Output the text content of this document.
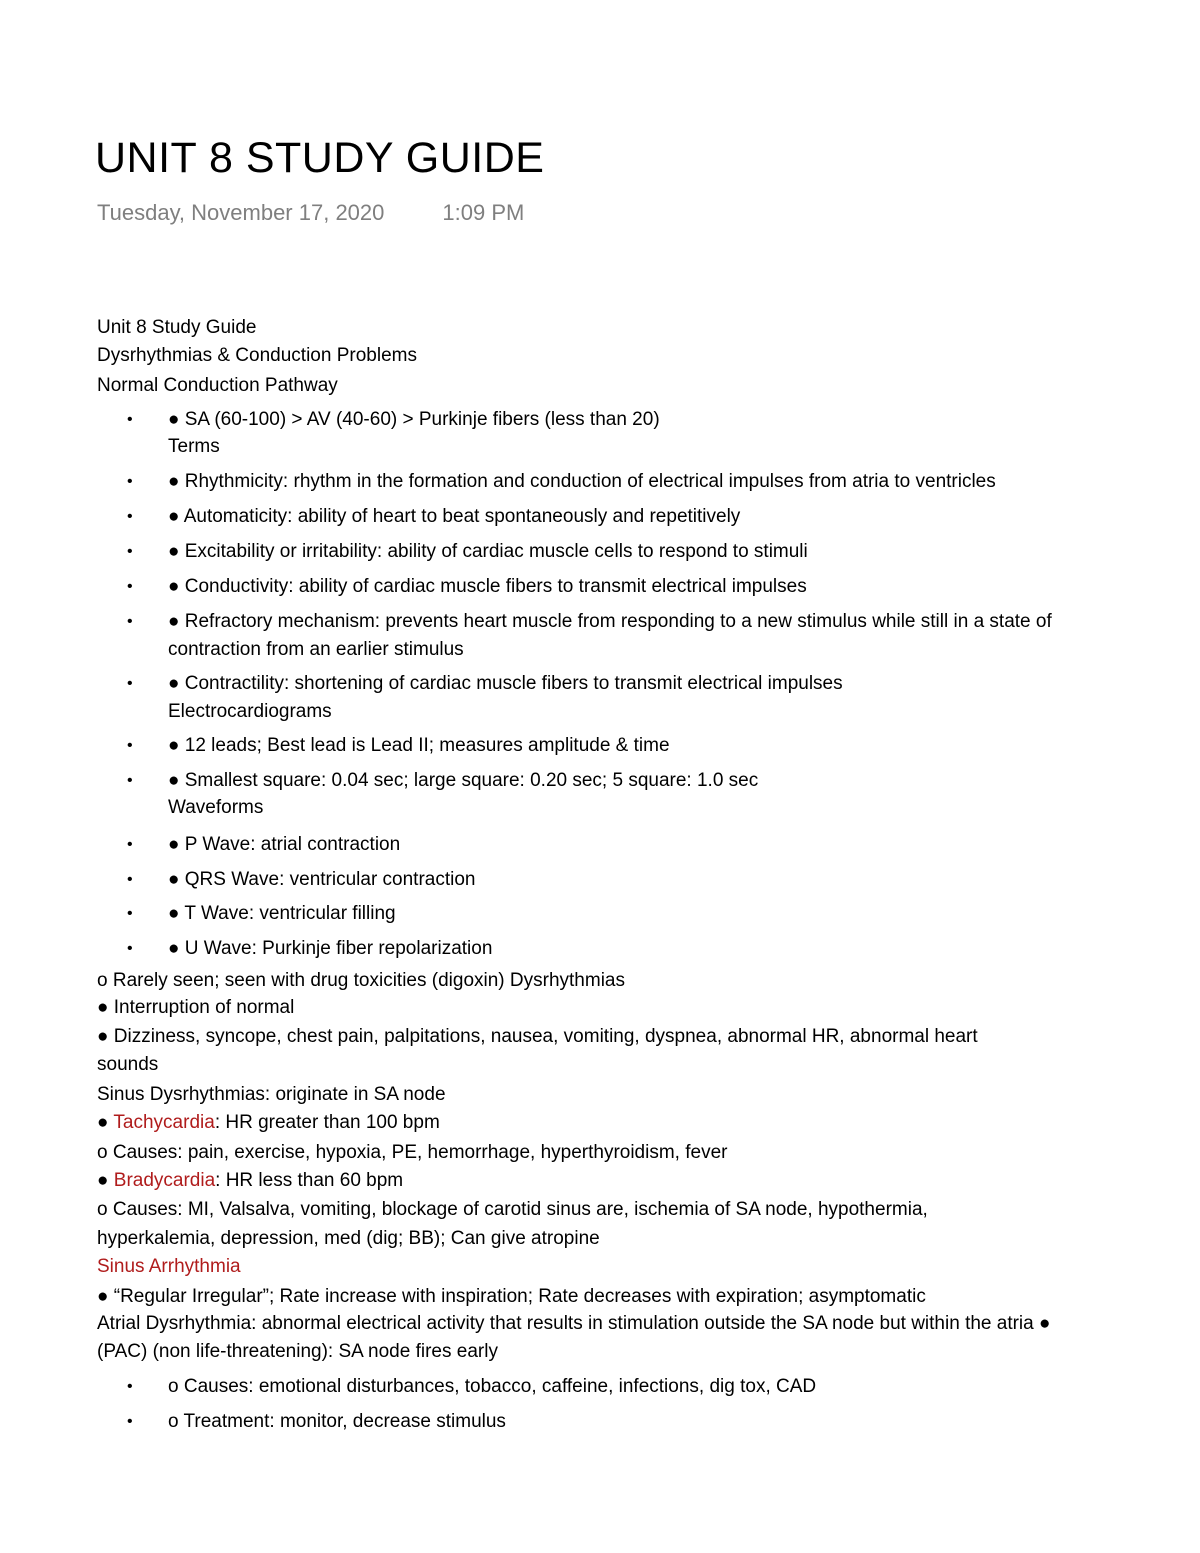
UNIT 8 STUDY GUIDE
Tuesday, November 17, 2020	1:09 PM
Unit 8 Study Guide
Dysrhythmias & Conduction Problems
Normal Conduction Pathway
• ● SA (60-100) > AV (40-60) > Purkinje fibers (less than 20)
Terms
• ● Rhythmicity: rhythm in the formation and conduction of electrical impulses from atria to ventricles
• ● Automaticity: ability of heart to beat spontaneously and repetitively
• ● Excitability or irritability: ability of cardiac muscle cells to respond to stimuli
• ● Conductivity: ability of cardiac muscle fibers to transmit electrical impulses
• ● Refractory mechanism: prevents heart muscle from responding to a new stimulus while still in a state of
contraction from an earlier stimulus
• ● Contractility: shortening of cardiac muscle fibers to transmit electrical impulses
Electrocardiograms
• ● 12 leads; Best lead is Lead II; measures amplitude & time
• ● Smallest square: 0.04 sec; large square: 0.20 sec; 5 square: 1.0 sec
Waveforms
• ● P Wave: atrial contraction
• ● QRS Wave: ventricular contraction
• ● T Wave: ventricular filling
• ● U Wave: Purkinje fiber repolarization
o Rarely seen; seen with drug toxicities (digoxin) Dysrhythmias
● Interruption of normal
● Dizziness, syncope, chest pain, palpitations, nausea, vomiting, dyspnea, abnormal HR, abnormal heart
sounds
Sinus Dysrhythmias: originate in SA node
● Tachycardia: HR greater than 100 bpm
o Causes: pain, exercise, hypoxia, PE, hemorrhage, hyperthyroidism, fever
● Bradycardia: HR less than 60 bpm
o Causes: MI, Valsalva, vomiting, blockage of carotid sinus are, ischemia of SA node, hypothermia,
hyperkalemia, depression, med (dig; BB); Can give atropine
Sinus Arrhythmia
● “Regular Irregular”; Rate increase with inspiration; Rate decreases with expiration; asymptomatic
Atrial Dysrhythmia: abnormal electrical activity that results in stimulation outside the SA node but within the atria ●
(PAC) (non life-threatening): SA node fires early
• o Causes: emotional disturbances, tobacco, caffeine, infections, dig tox, CAD
• o Treatment: monitor, decrease stimulus
